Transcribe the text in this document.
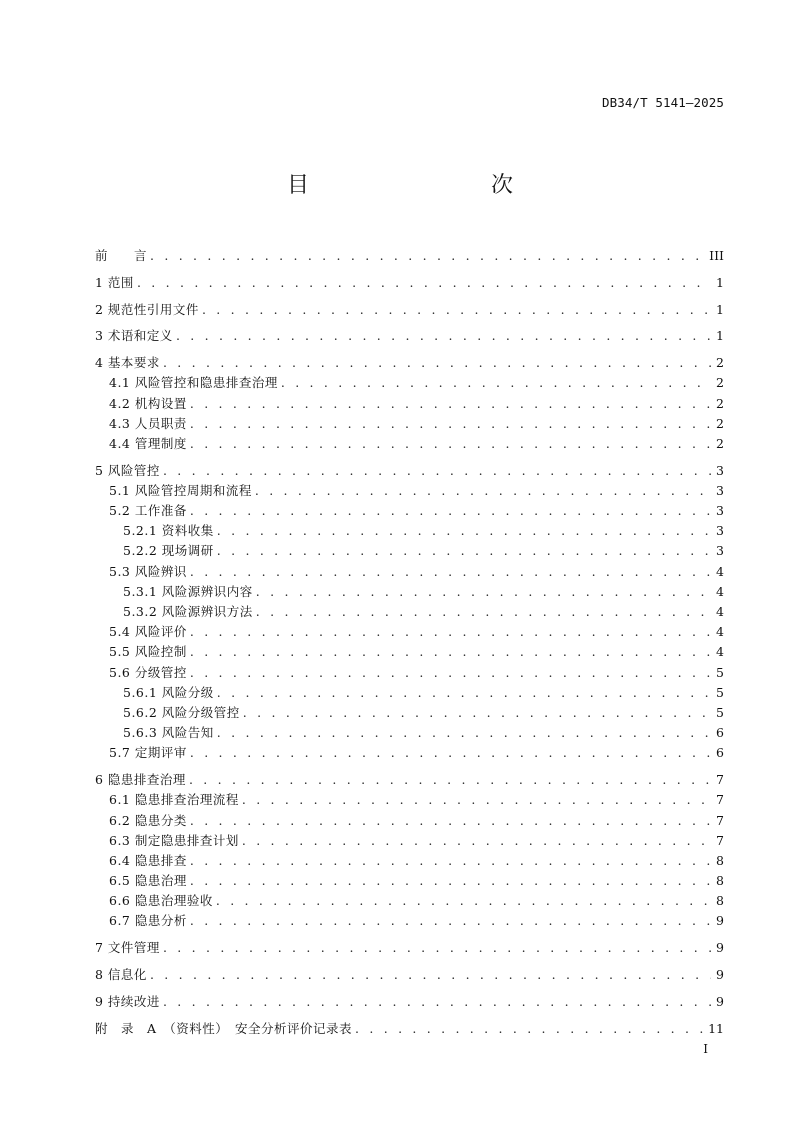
DB34/T 5141—2025
目　　次
前　　言 . . .	III
1 范围 . . .	1
2 规范性引用文件 . . .	1
3 术语和定义 . . .	1
4 基本要求 . . .	2
4.1 风险管控和隐患排查治理 . . .	2
4.2 机构设置 . . .	2
4.3 人员职责 . . .	2
4.4 管理制度 . . .	2
5 风险管控 . . .	3
5.1 风险管控周期和流程 . . .	3
5.2 工作准备 . . .	3
5.2.1 资料收集 . . .	3
5.2.2 现场调研 . . .	3
5.3 风险辨识 . . .	4
5.3.1 风险源辨识内容 . . .	4
5.3.2 风险源辨识方法 . . .	4
5.4 风险评价 . . .	4
5.5 风险控制 . . .	4
5.6 分级管控 . . .	5
5.6.1 风险分级 . . .	5
5.6.2 风险分级管控 . . .	5
5.6.3 风险告知 . . .	6
5.7 定期评审 . . .	6
6 隐患排查治理 . . .	7
6.1 隐患排查治理流程 . . .	7
6.2 隐患分类 . . .	7
6.3 制定隐患排查计划 . . .	7
6.4 隐患排查 . . .	8
6.5 隐患治理 . . .	8
6.6 隐患治理验收 . . .	8
6.7 隐患分析 . . .	9
7 文件管理 . . .	9
8 信息化 . . .	9
9 持续改进 . . .	9
附　录　A　（资料性）　安全分析评价记录表 . . .	11
I
